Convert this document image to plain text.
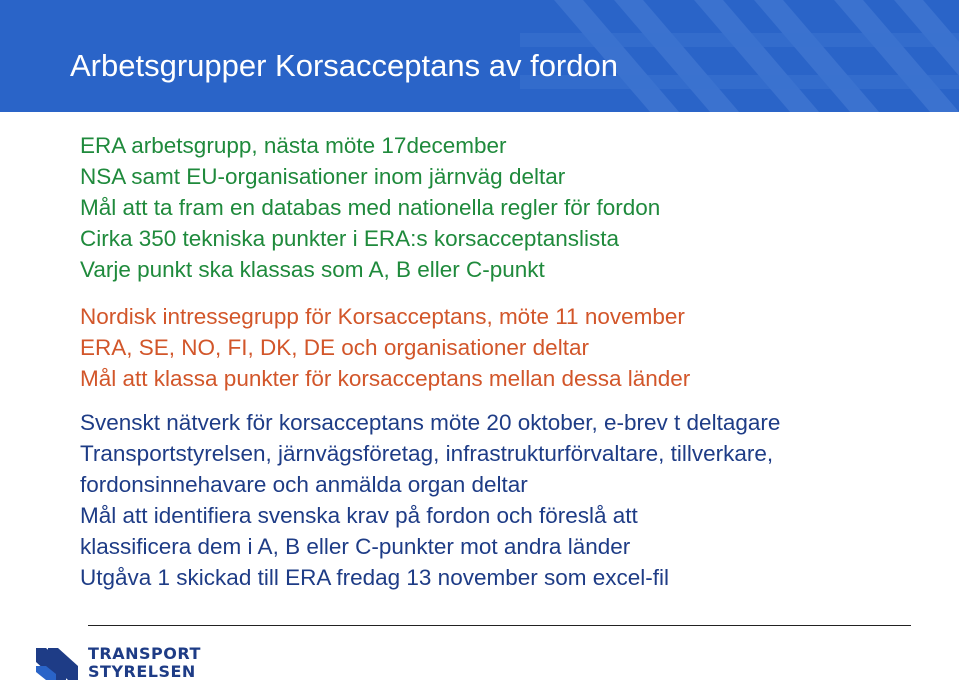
Arbetsgrupper Korsacceptans av fordon
ERA arbetsgrupp, nästa möte 17december
NSA samt EU-organisationer inom järnväg deltar
Mål att ta fram en databas med nationella regler för fordon
Cirka 350 tekniska punkter i ERA:s korsacceptanslista
Varje punkt ska klassas som A, B eller C-punkt
Nordisk intressegrupp för Korsacceptans, möte 11 november
ERA, SE, NO, FI, DK, DE och organisationer deltar
Mål att klassa punkter för korsacceptans mellan dessa länder
Svenskt nätverk för korsacceptans möte 20 oktober, e-brev t deltagare
Transportstyrelsen, järnvägsföretag, infrastrukturförvaltare, tillverkare,
fordonsinnehavare och anmälda organ deltar
Mål att identifiera svenska krav på fordon och föreslå att
klassificera dem i A, B eller C-punkter mot andra länder
Utgåva 1 skickad till ERA fredag 13 november som excel-fil
TRANSPORT
STYRELSEN
